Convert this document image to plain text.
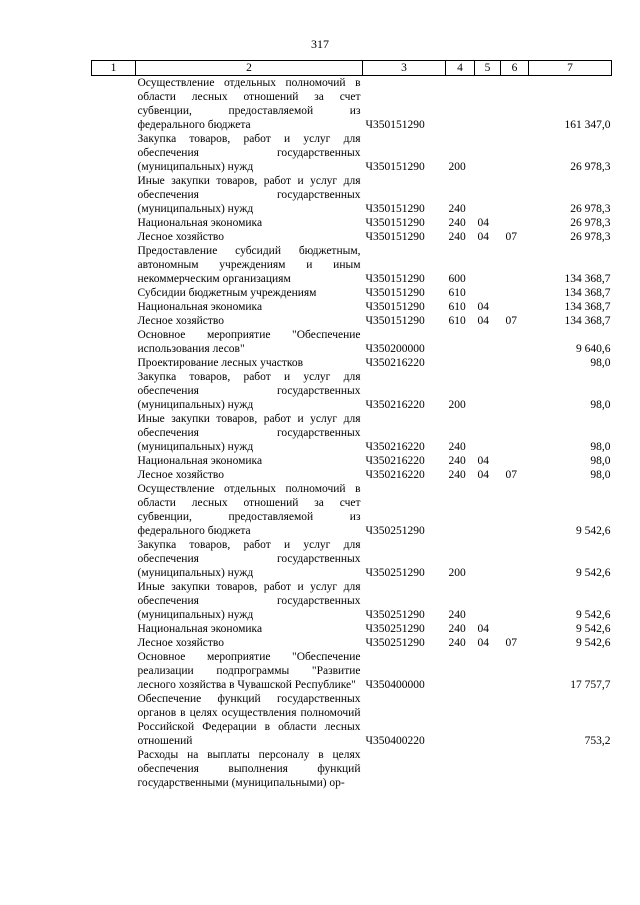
317
1	2	3	4	5	6	7
	Осуществление отдельных полномочий в области лесных отношений за счет субвенции, предоставляемой из федерального бюджета	Ч350151290				161 347,0
	Закупка товаров, работ и услуг для обеспечения государственных (муниципальных) нужд	Ч350151290	200			26 978,3
	Иные закупки товаров, работ и услуг для обеспечения государственных (муниципальных) нужд	Ч350151290	240			26 978,3
	Национальная экономика	Ч350151290	240	04		26 978,3
	Лесное хозяйство	Ч350151290	240	04	07	26 978,3
	Предоставление субсидий бюджетным, автономным учреждениям и иным некоммерческим организациям	Ч350151290	600			134 368,7
	Субсидии бюджетным учреждениям	Ч350151290	610			134 368,7
	Национальная экономика	Ч350151290	610	04		134 368,7
	Лесное хозяйство	Ч350151290	610	04	07	134 368,7
	Основное мероприятие "Обеспечение использования лесов"	Ч350200000				9 640,6
	Проектирование лесных участков	Ч350216220				98,0
	Закупка товаров, работ и услуг для обеспечения государственных (муниципальных) нужд	Ч350216220	200			98,0
	Иные закупки товаров, работ и услуг для обеспечения государственных (муниципальных) нужд	Ч350216220	240			98,0
	Национальная экономика	Ч350216220	240	04		98,0
	Лесное хозяйство	Ч350216220	240	04	07	98,0
	Осуществление отдельных полномочий в области лесных отношений за счет субвенции, предоставляемой из федерального бюджета	Ч350251290				9 542,6
	Закупка товаров, работ и услуг для обеспечения государственных (муниципальных) нужд	Ч350251290	200			9 542,6
	Иные закупки товаров, работ и услуг для обеспечения государственных (муниципальных) нужд	Ч350251290	240			9 542,6
	Национальная экономика	Ч350251290	240	04		9 542,6
	Лесное хозяйство	Ч350251290	240	04	07	9 542,6
	Основное мероприятие "Обеспечение реализации подпрограммы "Развитие лесного хозяйства в Чувашской Республике"	Ч350400000				17 757,7
	Обеспечение функций государственных органов в целях осуществления полномочий Российской Федерации в области лесных отношений	Ч350400220				753,2
	Расходы на выплаты персоналу в целях обеспечения выполнения функций государственными (муниципальными) ор-					
